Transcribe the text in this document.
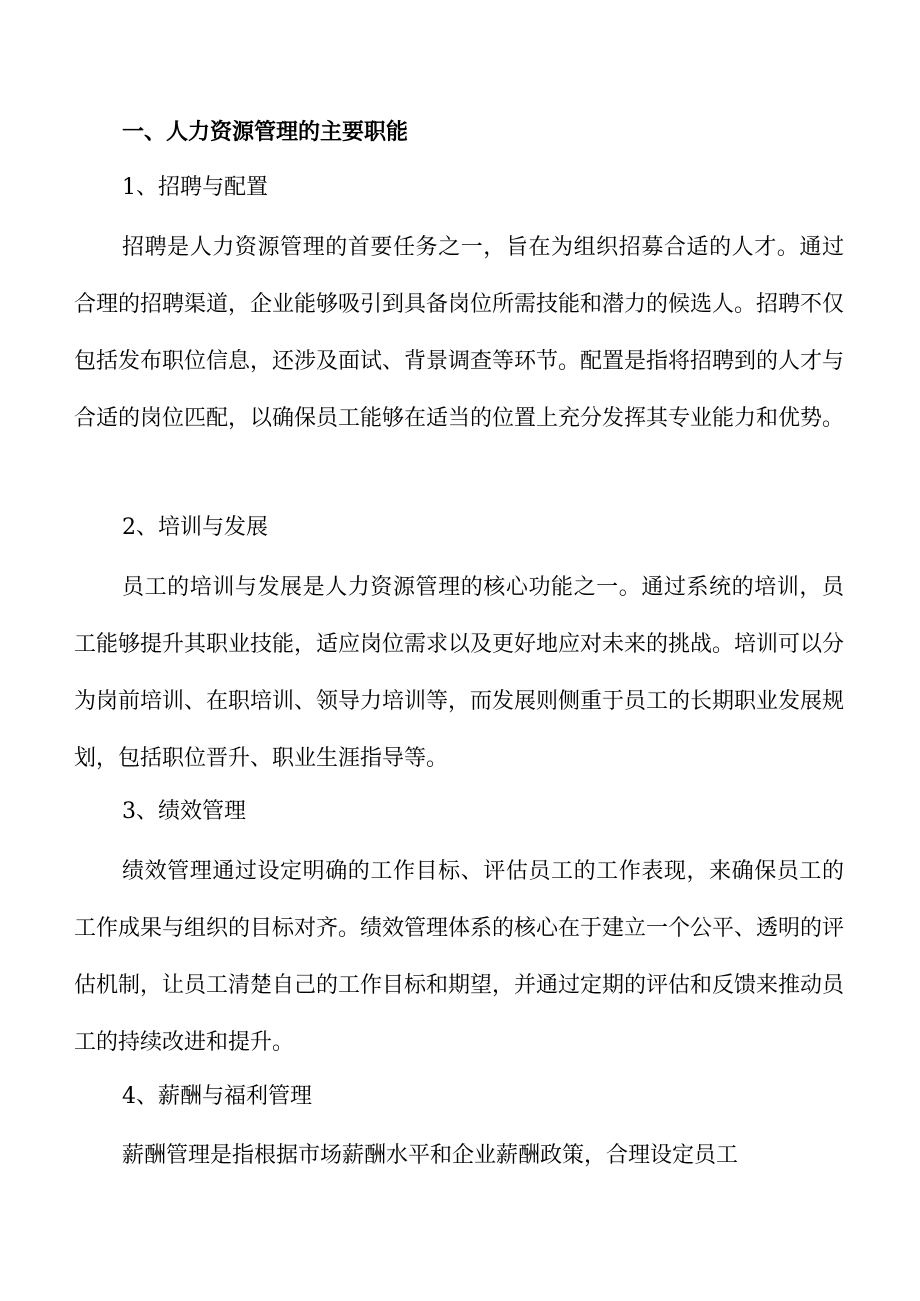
一、人力资源管理的主要职能
1、招聘与配置
招聘是人力资源管理的首要任务之一，旨在为组织招募合适的人才。通过合理的招聘渠道，企业能够吸引到具备岗位所需技能和潜力的候选人。招聘不仅包括发布职位信息，还涉及面试、背景调查等环节。配置是指将招聘到的人才与合适的岗位匹配，以确保员工能够在适当的位置上充分发挥其专业能力和优势。
2、培训与发展
员工的培训与发展是人力资源管理的核心功能之一。通过系统的培训，员工能够提升其职业技能，适应岗位需求以及更好地应对未来的挑战。培训可以分为岗前培训、在职培训、领导力培训等，而发展则侧重于员工的长期职业发展规划，包括职位晋升、职业生涯指导等。
3、绩效管理
绩效管理通过设定明确的工作目标、评估员工的工作表现，来确保员工的工作成果与组织的目标对齐。绩效管理体系的核心在于建立一个公平、透明的评估机制，让员工清楚自己的工作目标和期望，并通过定期的评估和反馈来推动员工的持续改进和提升。
4、薪酬与福利管理
薪酬管理是指根据市场薪酬水平和企业薪酬政策，合理设定员工
